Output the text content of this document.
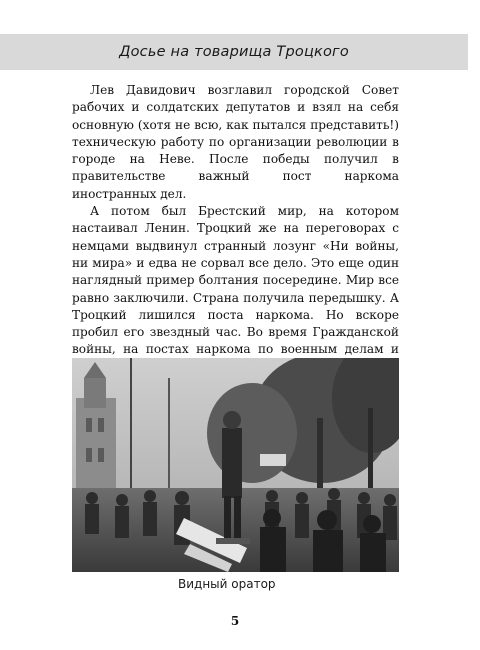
Досье на товарища Троцкого

Лев Давидович возглавил городской Совет рабочих и солдатских депутатов и взял на себя основную (хотя не всю, как пытался представить!) техническую работу по организации революции в городе на Неве. После победы получил в правительстве важный пост наркома иностранных дел.

А потом был Брестский мир, на котором настаивал Ленин. Троцкий же на переговорах с немцами выдвинул странный лозунг «Ни войны, ни мира» и едва не сорвал все дело. Это еще один наглядный пример болтания посередине. Мир все равно заключили. Страна получила передышку. А Троцкий лишился поста наркома. Но вскоре пробил его звездный час. Во время Гражданской войны, на постах наркома по военным делам и

Видный оратор
5
